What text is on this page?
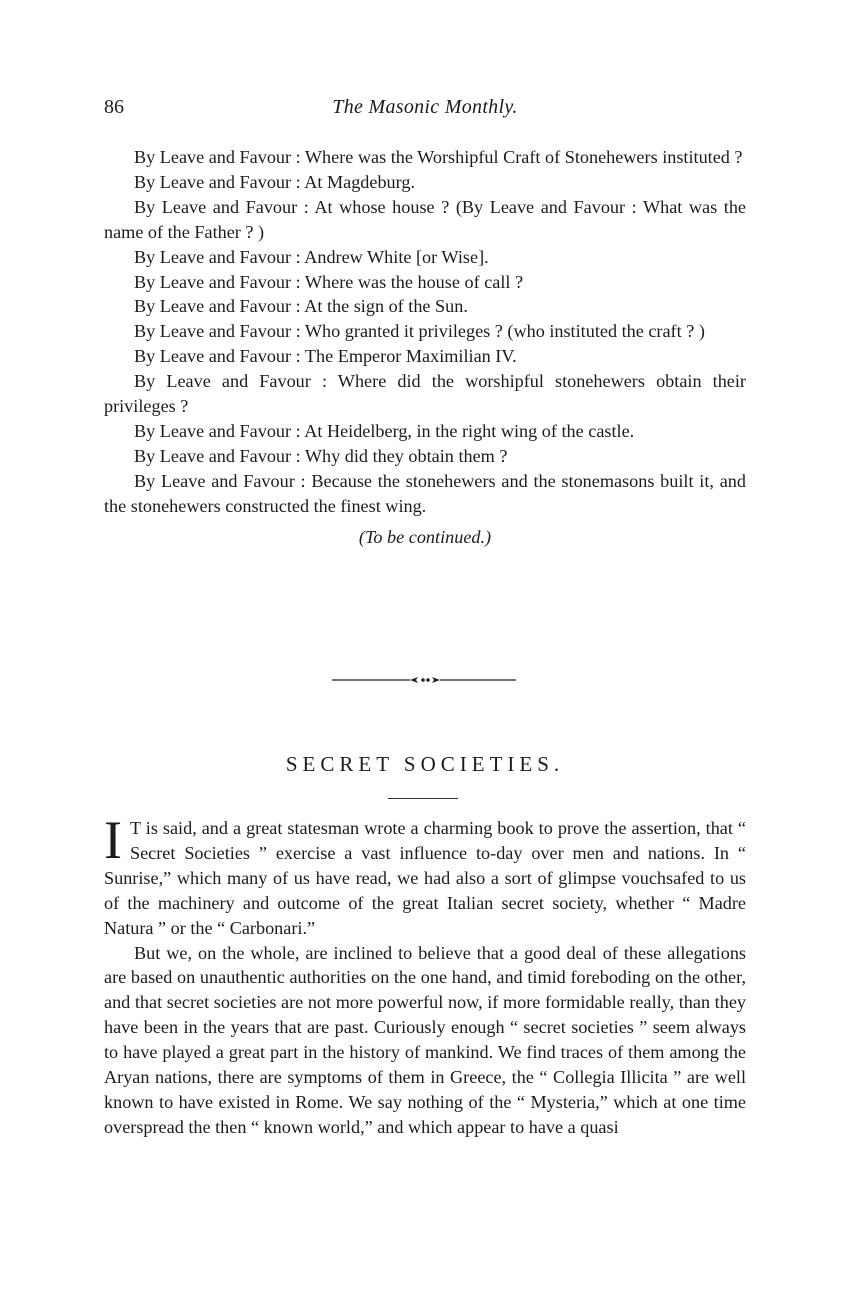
86	The Masonic Monthly.

By Leave and Favour : Where was the Worshipful Craft of Stonehewers instituted ?

By Leave and Favour : At Magdeburg.

By Leave and Favour : At whose house ? (By Leave and Favour : What was the name of the Father ? )

By Leave and Favour : Andrew White [or Wise].

By Leave and Favour : Where was the house of call ?

By Leave and Favour : At the sign of the Sun.

By Leave and Favour : Who granted it privileges ? (who instituted the craft ? )

By Leave and Favour : The Emperor Maximilian IV.

By Leave and Favour : Where did the worshipful stonehewers obtain their privileges ?

By Leave and Favour : At Heidelberg, in the right wing of the castle.

By Leave and Favour : Why did they obtain them ?

By Leave and Favour : Because the stonehewers and the stonemasons built it, and the stonehewers constructed the finest wing.

(To be continued.)
SECRET SOCIETIES.

I T is said, and a great statesman wrote a charming book to prove the assertion, that “ Secret Societies ” exercise a vast influence to-day over men and nations. In “ Sunrise,” which many of us have read, we had also a sort of glimpse vouchsafed to us of the machinery and outcome of the great Italian secret society, whether “ Madre Natura ” or the “ Carbonari.”

But we, on the whole, are inclined to believe that a good deal of these allegations are based on unauthentic authorities on the one hand, and timid foreboding on the other, and that secret societies are not more powerful now, if more formidable really, than they have been in the years that are past. Curiously enough “ secret societies ” seem always to have played a great part in the history of mankind. We find traces of them among the Aryan nations, there are symptoms of them in Greece, the “ Collegia Illicita ” are well known to have existed in Rome. We say nothing of the “ Mysteria,” which at one time overspread the then “ known world,” and which appear to have a quasi
